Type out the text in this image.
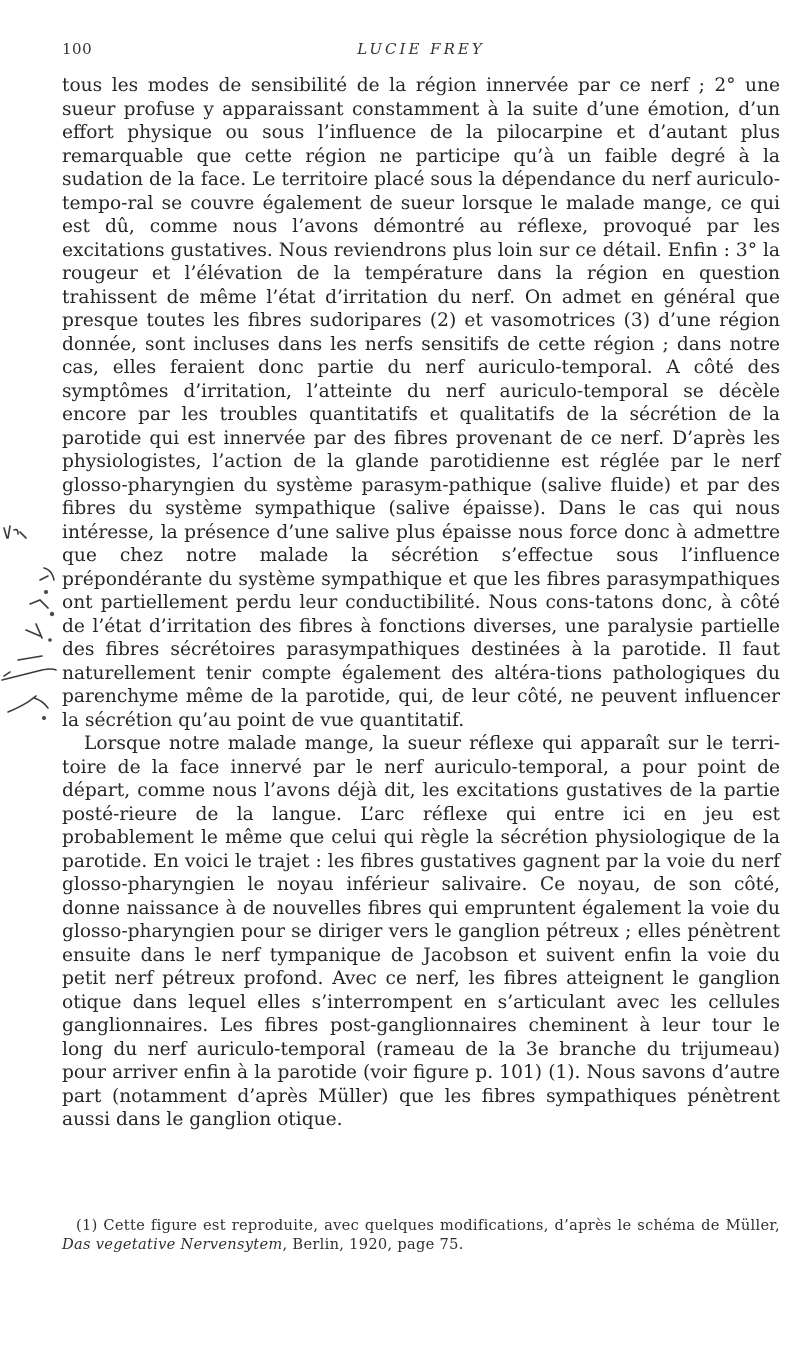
100	LUCIE FREY

tous les modes de sensibilité de la région innervée par ce nerf ; 2° une sueur profuse y apparaissant constamment à la suite d’une émotion, d’un effort physique ou sous l’influence de la pilocarpine et d’autant plus remarquable que cette région ne participe qu’à un faible degré à la sudation de la face. Le territoire placé sous la dépendance du nerf auriculo-tempo-ral se couvre également de sueur lorsque le malade mange, ce qui est dû, comme nous l’avons démontré au réflexe, provoqué par les excitations gustatives. Nous reviendrons plus loin sur ce détail. Enfin : 3° la rougeur et l’élévation de la température dans la région en question trahissent de même l’état d’irritation du nerf. On admet en général que presque toutes les fibres sudoripares (2) et vasomotrices (3) d’une région donnée, sont incluses dans les nerfs sensitifs de cette région ; dans notre cas, elles feraient donc partie du nerf auriculo-temporal. A côté des symptômes d’irritation, l’atteinte du nerf auriculo-temporal se décèle encore par les troubles quantitatifs et qualitatifs de la sécrétion de la parotide qui est innervée par des fibres provenant de ce nerf. D’après les physiologistes, l’action de la glande parotidienne est réglée par le nerf glosso-pharyngien du système parasym-pathique (salive fluide) et par des fibres du système sympathique (salive épaisse). Dans le cas qui nous intéresse, la présence d’une salive plus épaisse nous force donc à admettre que chez notre malade la sécrétion s’effectue sous l’influence prépondérante du système sympathique et que les fibres parasympathiques ont partiellement perdu leur conductibilité. Nous cons-tatons donc, à côté de l’état d’irritation des fibres à fonctions diverses, une paralysie partielle des fibres sécrétoires parasympathiques destinées à la parotide. Il faut naturellement tenir compte également des altéra-tions pathologiques du parenchyme même de la parotide, qui, de leur côté, ne peuvent influencer la sécrétion qu’au point de vue quantitatif.

Lorsque notre malade mange, la sueur réflexe qui apparaît sur le terri-toire de la face innervé par le nerf auriculo-temporal, a pour point de départ, comme nous l’avons déjà dit, les excitations gustatives de la partie posté-rieure de la langue. L’arc réflexe qui entre ici en jeu est probablement le même que celui qui règle la sécrétion physiologique de la parotide. En voici le trajet : les fibres gustatives gagnent par la voie du nerf glosso-pharyngien le noyau inférieur salivaire. Ce noyau, de son côté, donne naissance à de nouvelles fibres qui empruntent également la voie du glosso-pharyngien pour se diriger vers le ganglion pétreux ; elles pénètrent ensuite dans le nerf tympanique de Jacobson et suivent enfin la voie du petit nerf pétreux profond. Avec ce nerf, les fibres atteignent le ganglion otique dans lequel elles s’interrompent en s’articulant avec les cellules ganglionnaires. Les fibres post-ganglionnaires cheminent à leur tour le long du nerf auriculo-temporal (rameau de la 3e branche du trijumeau) pour arriver enfin à la parotide (voir figure p. 101) (1). Nous savons d’autre part (notamment d’après Müller) que les fibres sympathiques pénètrent aussi dans le ganglion otique.

(1) Cette figure est reproduite, avec quelques modifications, d’après le schéma de Müller, Das vegetative Nervensytem, Berlin, 1920, page 75.
